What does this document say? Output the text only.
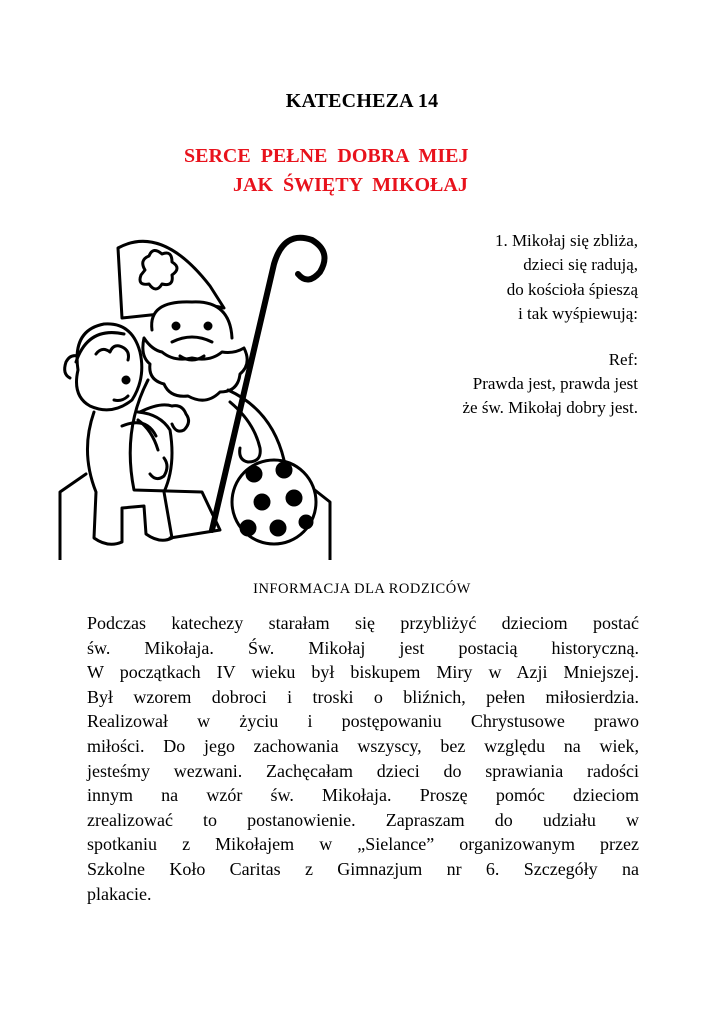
KATECHEZA 14
SERCE  PEŁNE  DOBRA  MIEJ
JAK  ŚWIĘTY  MIKOŁAJ
1. Mikołaj się zbliża,
dzieci się radują,
do kościoła śpieszą
i tak wyśpiewują:
Ref:
Prawda jest, prawda jest
że św. Mikołaj dobry jest.
INFORMACJA DLA RODZICÓW
Podczas katechezy starałam się przybliżyć dzieciom postać
św. Mikołaja. Św. Mikołaj jest postacią historyczną.
W początkach IV wieku był biskupem Miry w Azji Mniejszej.
Był wzorem dobroci i troski o bliźnich, pełen miłosierdzia.
Realizował w życiu i postępowaniu Chrystusowe prawo
miłości. Do jego zachowania wszyscy, bez względu na wiek,
jesteśmy wezwani. Zachęcałam dzieci do sprawiania radości
innym na wzór św. Mikołaja. Proszę pomóc dzieciom
zrealizować to postanowienie. Zapraszam do udziału w
spotkaniu z Mikołajem w „Sielance” organizowanym przez
Szkolne Koło Caritas z Gimnazjum nr 6. Szczegóły na
plakacie.
